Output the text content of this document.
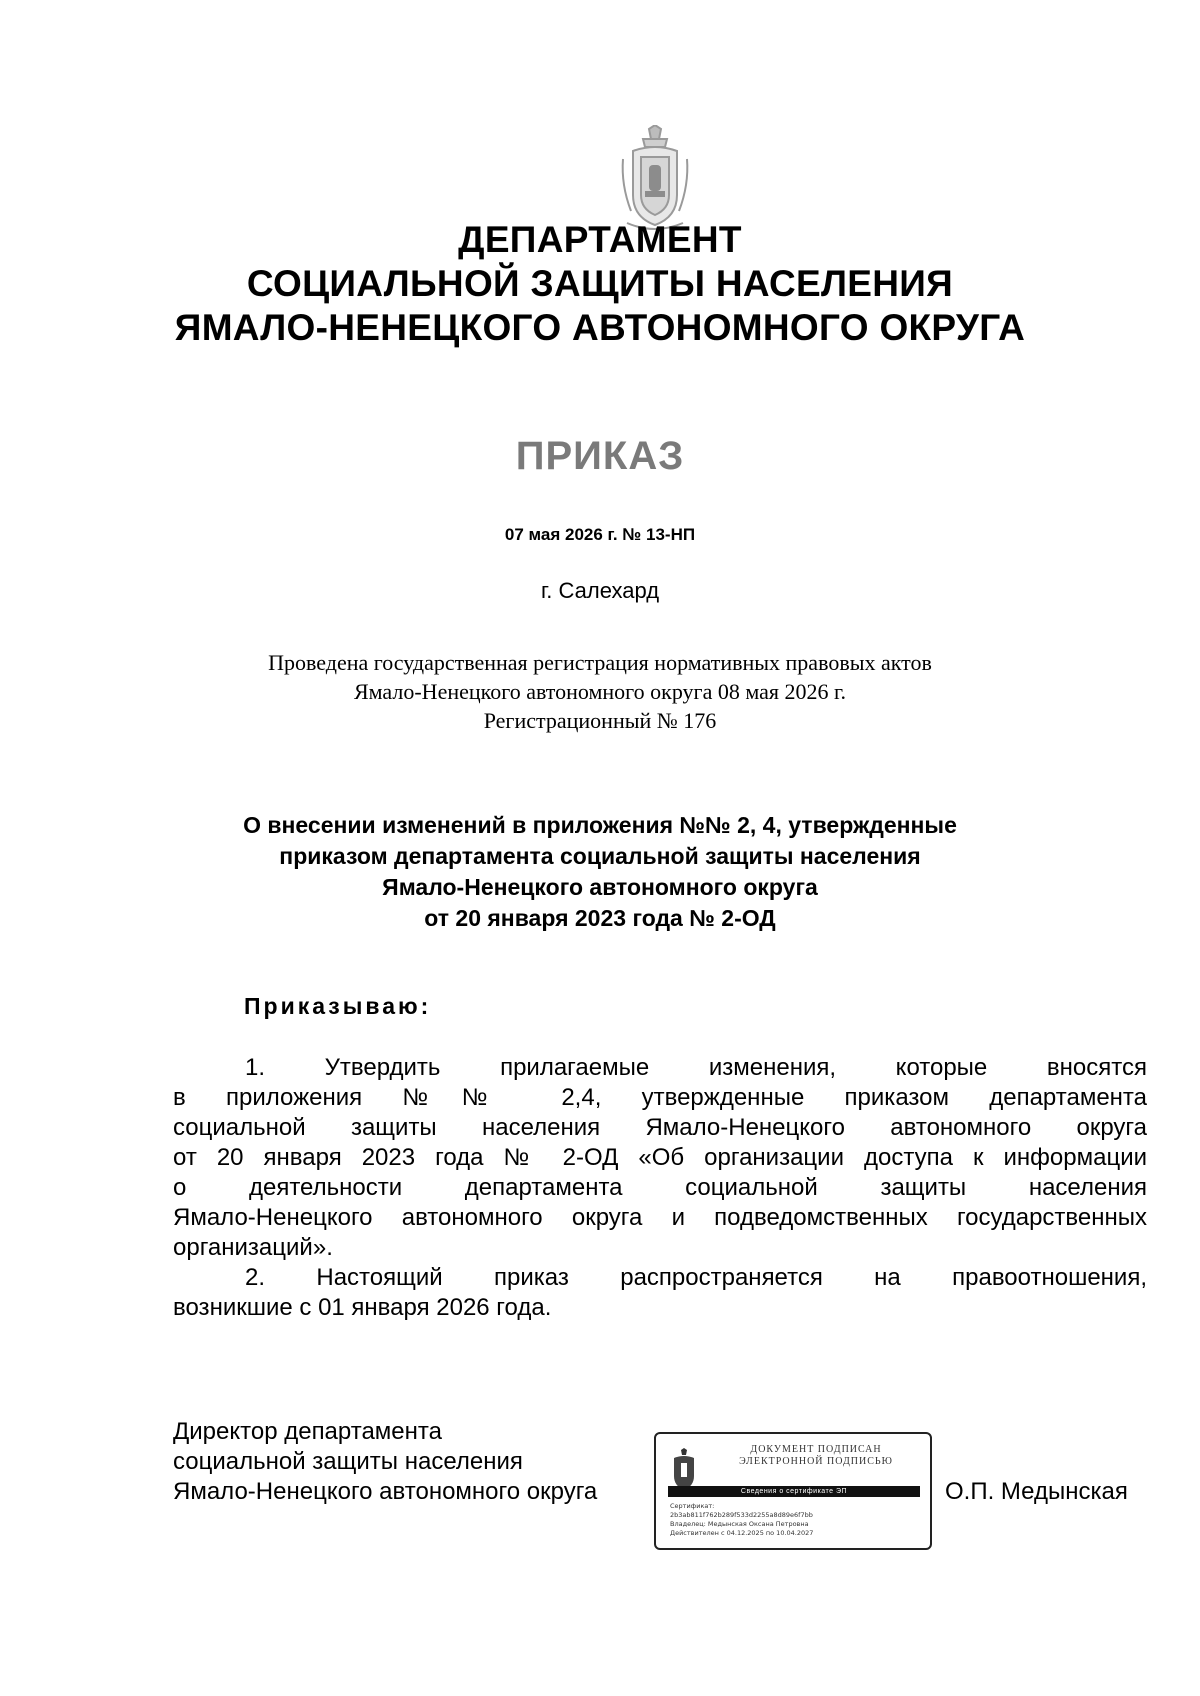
ДЕПАРТАМЕНТ
СОЦИАЛЬНОЙ ЗАЩИТЫ НАСЕЛЕНИЯ
ЯМАЛО-НЕНЕЦКОГО АВТОНОМНОГО ОКРУГА
ПРИКАЗ
07 мая 2026 г. № 13-НП
г. Салехард
Проведена государственная регистрация нормативных правовых актов
Ямало-Ненецкого автономного округа 08 мая 2026 г.
Регистрационный № 176
О внесении изменений в приложения №№ 2, 4, утвержденные
приказом департамента социальной защиты населения
Ямало-Ненецкого автономного округа
от 20 января 2023 года № 2-ОД
Приказываю:
1. Утвердить прилагаемые изменения, которые вносятся
в приложения №№ 2,4, утвержденные приказом департамента
социальной защиты населения Ямало-Ненецкого автономного округа
от 20 января 2023 года № 2-ОД «Об организации доступа к информации
о деятельности департамента социальной защиты населения
Ямало-Ненецкого автономного округа и подведомственных государственных
организаций».
2. Настоящий приказ распространяется на правоотношения,
возникшие с 01 января 2026 года.
Директор департамента
социальной защиты населения
Ямало-Ненецкого автономного округа	О.П. Медынская
ДОКУМЕНТ ПОДПИСАН
ЭЛЕКТРОННОЙ ПОДПИСЬЮ
Сведения о сертификате ЭП
Сертификат:
2b3ab811f762b289f533d2255a8d89e6f7bb
Владелец: Медынская Оксана Петровна
Действителен с 04.12.2025 по 10.04.2027
